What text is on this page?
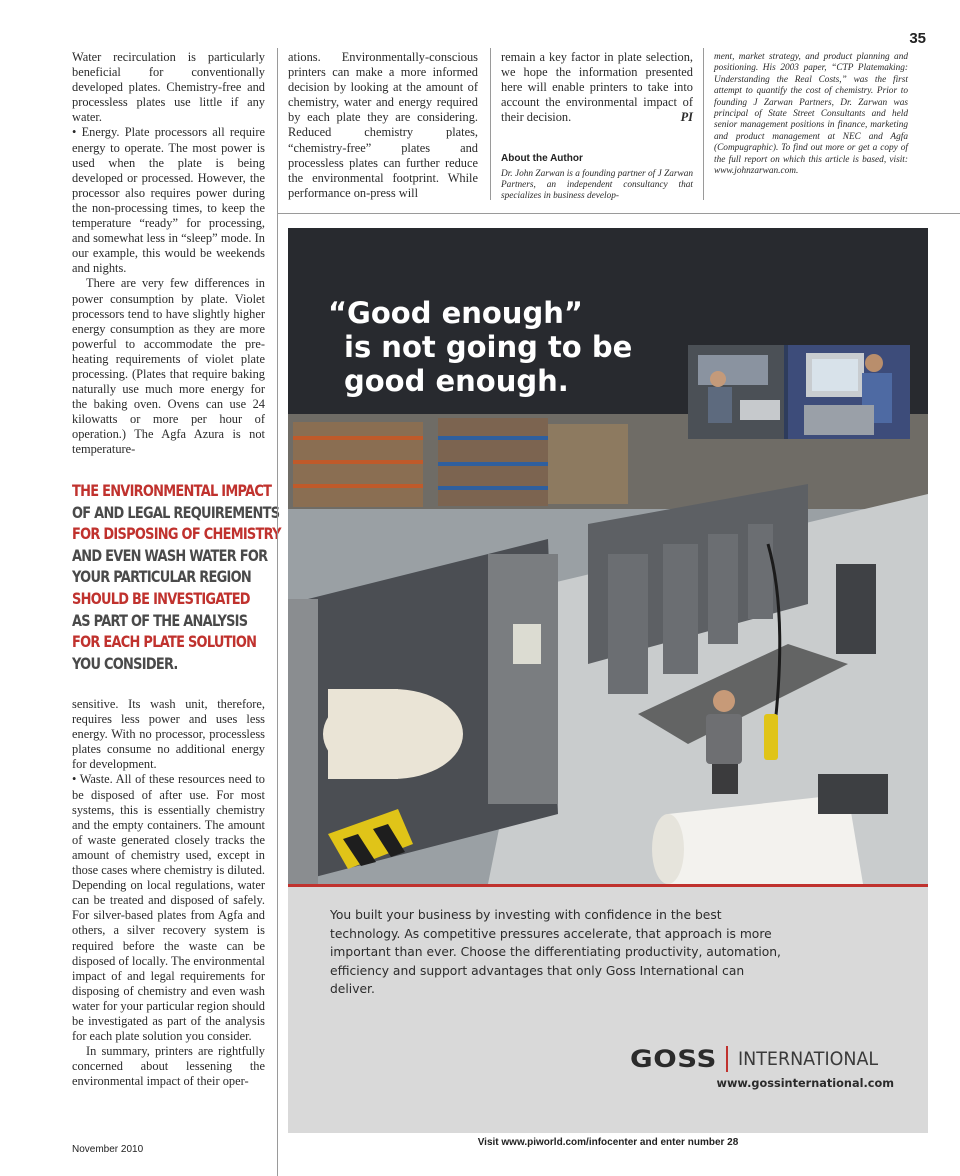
35

Water recirculation is particularly beneficial for conventionally developed plates. Chemistry-free and processless plates use little if any water.

• Energy. Plate processors all require energy to operate. The most power is used when the plate is being developed or processed. However, the processor also requires power during the non-processing times, to keep the temperature “ready” for processing, and somewhat less in “sleep” mode. In our example, this would be weekends and nights.

There are very few differences in power consumption by plate. Violet processors tend to have slightly higher energy consumption as they are more powerful to accommodate the pre-heating requirements of violet plate processing. (Plates that require baking naturally use much more energy for the baking oven. Ovens can use 24 kilowatts or more per hour of operation.) The Agfa Azura is not temperature-

THE ENVIRONMENTAL IMPACT
OF AND LEGAL REQUIREMENTS
FOR DISPOSING OF CHEMISTRY
AND EVEN WASH WATER FOR
YOUR PARTICULAR REGION
SHOULD BE INVESTIGATED
AS PART OF THE ANALYSIS
FOR EACH PLATE SOLUTION
YOU CONSIDER.

sensitive. Its wash unit, therefore, requires less power and uses less energy. With no processor, processless plates consume no additional energy for development.

• Waste. All of these resources need to be disposed of after use. For most systems, this is essentially chemistry and the empty containers. The amount of waste generated closely tracks the amount of chemistry used, except in those cases where chemistry is diluted. Depending on local regulations, water can be treated and disposed of safely. For silver-based plates from Agfa and others, a silver recovery system is required before the waste can be disposed of locally. The environmental impact of and legal requirements for disposing of chemistry and even wash water for your particular region should be investigated as part of the analysis for each plate solution you consider.

In summary, printers are rightfully concerned about lessening the environmental impact of their oper-

ations. Environmentally-conscious printers can make a more informed decision by looking at the amount of chemistry, water and energy required by each plate they are considering. Reduced chemistry plates, “chemistry-free” plates and processless plates can further reduce the environmental footprint. While performance on-press will

remain a key factor in plate selection, we hope the information presented here will enable printers to take into account the environmental impact of their decision.	PI

About the Author
Dr. John Zarwan is a founding partner of J Zarwan Partners, an independent consultancy that specializes in business develop-
ment, market strategy, and product planning and positioning. His 2003 paper, “CTP Platemaking: Understanding the Real Costs,” was the first attempt to quantify the cost of chemistry. Prior to founding J Zarwan Partners, Dr. Zarwan was principal of State Street Consultants and held senior management positions in finance, marketing and product management at NEC and Agfa (Compugraphic). To find out more or get a copy of the full report on which this article is based, visit: www.johnzarwan.com.
“Good enough”
is not going to be
good enough.
You built your business by investing with confidence in the best technology. As competitive pressures accelerate, that approach is more important than ever. Choose the differentiating productivity, automation, efficiency and support advantages that only Goss International can deliver.
GOSS INTERNATIONAL
www.gossinternational.com
November 2010
Visit www.piworld.com/infocenter and enter number 28
